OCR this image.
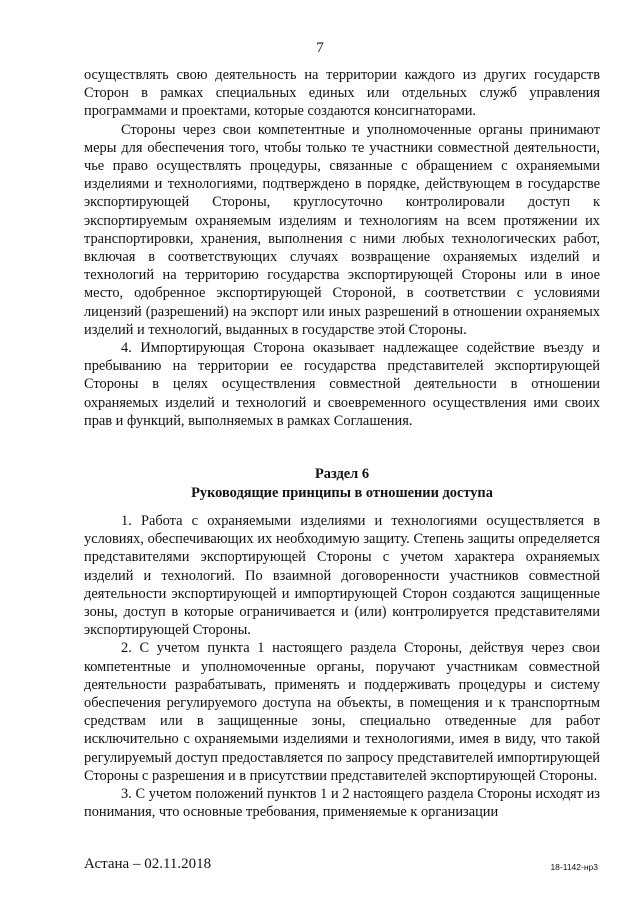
7

осуществлять свою деятельность на территории каждого из других государств Сторон в рамках специальных единых или отдельных служб управления программами и проектами, которые создаются консигнаторами.

Стороны через свои компетентные и уполномоченные органы принимают меры для обеспечения того, чтобы только те участники совместной деятельности, чье право осуществлять процедуры, связанные с обращением с охраняемыми изделиями и технологиями, подтверждено в порядке, действующем в государстве экспортирующей Стороны, круглосуточно контролировали доступ к экспортируемым охраняемым изделиям и технологиям на всем протяжении их транспортировки, хранения, выполнения с ними любых технологических работ, включая в соответствующих случаях возвращение охраняемых изделий и технологий на территорию государства экспортирующей Стороны или в иное место, одобренное экспортирующей Стороной, в соответствии с условиями лицензий (разрешений) на экспорт или иных разрешений в отношении охраняемых изделий и технологий, выданных в государстве этой Стороны.

4. Импортирующая Сторона оказывает надлежащее содействие въезду и пребыванию на территории ее государства представителей экспортирующей Стороны в целях осуществления совместной деятельности в отношении охраняемых изделий и технологий и своевременного осуществления ими своих прав и функций, выполняемых в рамках Соглашения.

Раздел 6
Руководящие принципы в отношении доступа

1. Работа с охраняемыми изделиями и технологиями осуществляется в условиях, обеспечивающих их необходимую защиту. Степень защиты определяется представителями экспортирующей Стороны с учетом характера охраняемых изделий и технологий. По взаимной договоренности участников совместной деятельности экспортирующей и импортирующей Сторон создаются защищенные зоны, доступ в которые ограничивается и (или) контролируется представителями экспортирующей Стороны.

2. С учетом пункта 1 настоящего раздела Стороны, действуя через свои компетентные и уполномоченные органы, поручают участникам совместной деятельности разрабатывать, применять и поддерживать процедуры и систему обеспечения регулируемого доступа на объекты, в помещения и к транспортным средствам или в защищенные зоны, специально отведенные для работ исключительно с охраняемыми изделиями и технологиями, имея в виду, что такой регулируемый доступ предоставляется по запросу представителей импортирующей Стороны с разрешения и в присутствии представителей экспортирующей Стороны.

3. С учетом положений пунктов 1 и 2 настоящего раздела Стороны исходят из понимания, что основные требования, применяемые к организации

Астана – 02.11.2018	18-1142-нр3
